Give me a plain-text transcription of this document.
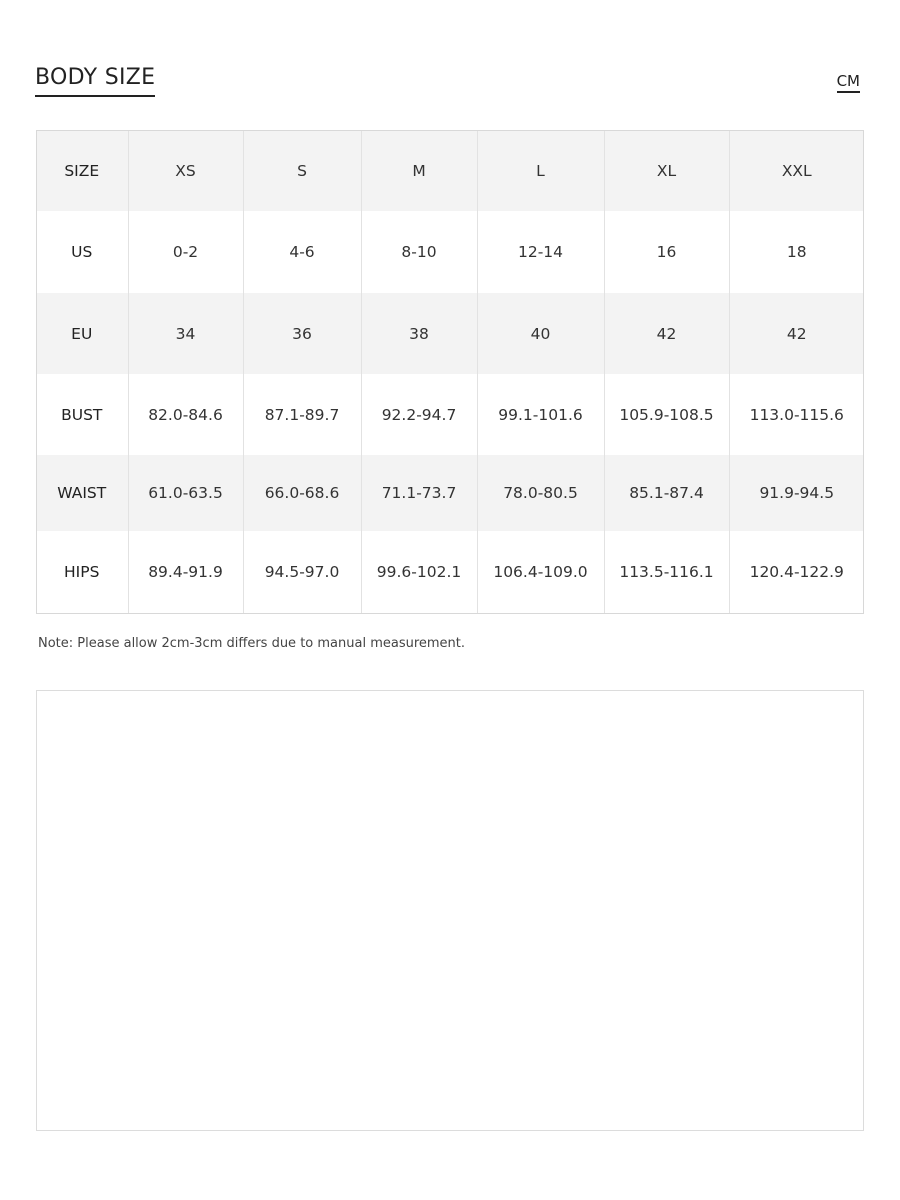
BODY SIZE	CM
SIZE	XS	S	M	L	XL	XXL
US	0-2	4-6	8-10	12-14	16	18
EU	34	36	38	40	42	42
BUST	82.0-84.6	87.1-89.7	92.2-94.7	99.1-101.6	105.9-108.5	113.0-115.6
WAIST	61.0-63.5	66.0-68.6	71.1-73.7	78.0-80.5	85.1-87.4	91.9-94.5
HIPS	89.4-91.9	94.5-97.0	99.6-102.1	106.4-109.0	113.5-116.1	120.4-122.9
Note: Please allow 2cm-3cm differs due to manual measurement.
